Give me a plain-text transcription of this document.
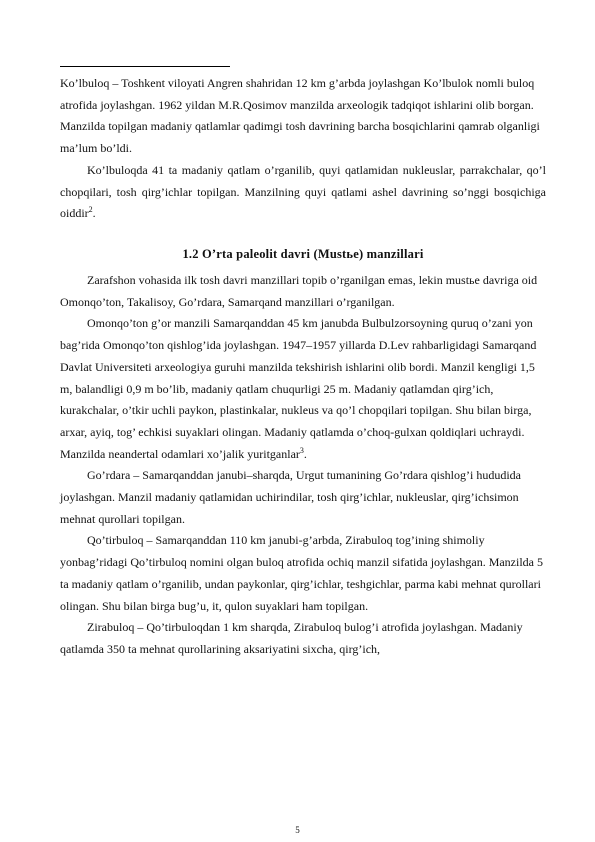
Ko’lbuloq – Toshkent viloyati Angren shahridan 12 km g’arbda joylashgan Ko’lbulok nomli buloq atrofida joylashgan. 1962 yildan M.R.Qosimov manzilda arxeologik tadqiqot ishlarini olib borgan. Manzilda topilgan madaniy qatlamlar qadimgi tosh davrining barcha bosqichlarini qamrab olganligi ma’lum bo’ldi.

Ko’lbuloqda 41 ta madaniy qatlam o’rganilib, quyi qatlamidan nukleuslar, parrakchalar, qo’l chopqilari, tosh qirg’ichlar topilgan. Manzilning quyi qatlami ashel davrining so’nggi bosqichiga oiddir$^2$.

1.2 O’rta paleolit davri (Mustье) manzillari

Zarafshon vohasida ilk tosh davri manzillari topib o’rganilgan emas, lekin mustье davriga oid Omonqo’ton, Takalisoy, Go’rdara, Samarqand manzillari o’rganilgan.

Omonqo’ton g’or manzili Samarqanddan 45 km janubda Bulbulzorsoyning quruq o’zani yon bag’rida Omonqo’ton qishlog’ida joylashgan. 1947–1957 yillarda D.Lev rahbarligidagi Samarqand Davlat Universiteti arxeologiya guruhi manzilda tekshirish ishlarini olib bordi. Manzil kengligi 1,5 m, balandligi 0,9 m bo’lib, madaniy qatlam chuqurligi 25 m. Madaniy qatlamdan qirg’ich, kurakchalar, o’tkir uchli paykon, plastinkalar, nukleus va qo’l chopqilari topilgan. Shu bilan birga, arxar, ayiq, tog’ echkisi suyaklari olingan. Madaniy qatlamda o’choq-gulxan qoldiqlari uchraydi. Manzilda neandertal odamlari xo’jalik yuritganlar$^3$.

Go’rdara – Samarqanddan janubi–sharqda, Urgut tumanining Go’rdara qishlog’i hududida joylashgan. Manzil madaniy qatlamidan uchirindilar, tosh qirg’ichlar, nukleuslar, qirg’ichsimon mehnat qurollari topilgan.

Qo’tirbuloq – Samarqanddan 110 km janubi-g’arbda, Zirabuloq tog’ining shimoliy yonbag’ridagi Qo’tirbuloq nomini olgan buloq atrofida ochiq manzil sifatida joylashgan. Manzilda 5 ta madaniy qatlam o’rganilib, undan paykonlar, qirg’ichlar, teshgichlar, parma kabi mehnat qurollari olingan. Shu bilan birga bug’u, it, qulon suyaklari ham topilgan.

Zirabuloq – Qo’tirbuloqdan 1 km sharqda, Zirabuloq bulog’i atrofida joylashgan. Madaniy qatlamda 350 ta mehnat qurollarining aksariyatini sixcha, qirg’ich,

5
